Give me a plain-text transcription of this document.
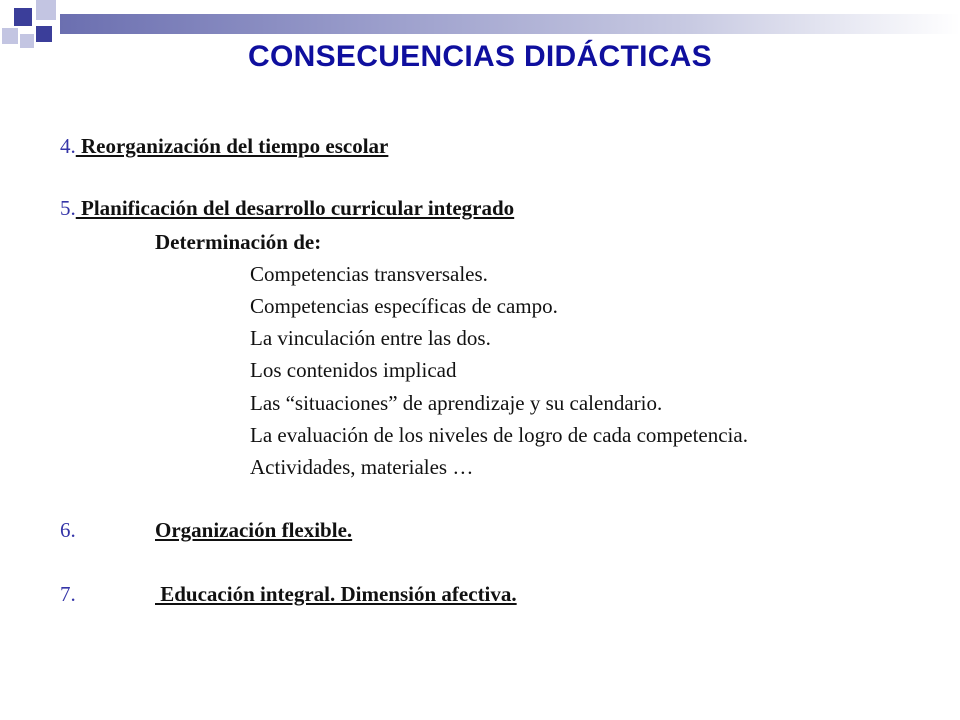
CONSECUENCIAS DIDÁCTICAS
4. Reorganización del tiempo escolar
5. Planificación del desarrollo curricular integrado
Determinación de:
Competencias transversales.
Competencias específicas de campo.
La vinculación entre las dos.
Los contenidos implicad
Las “situaciones” de aprendizaje y su calendario.
La evaluación de los niveles de logro de cada competencia.
Actividades, materiales …
6.	Organización flexible.
7.	Educación integral. Dimensión afectiva.
